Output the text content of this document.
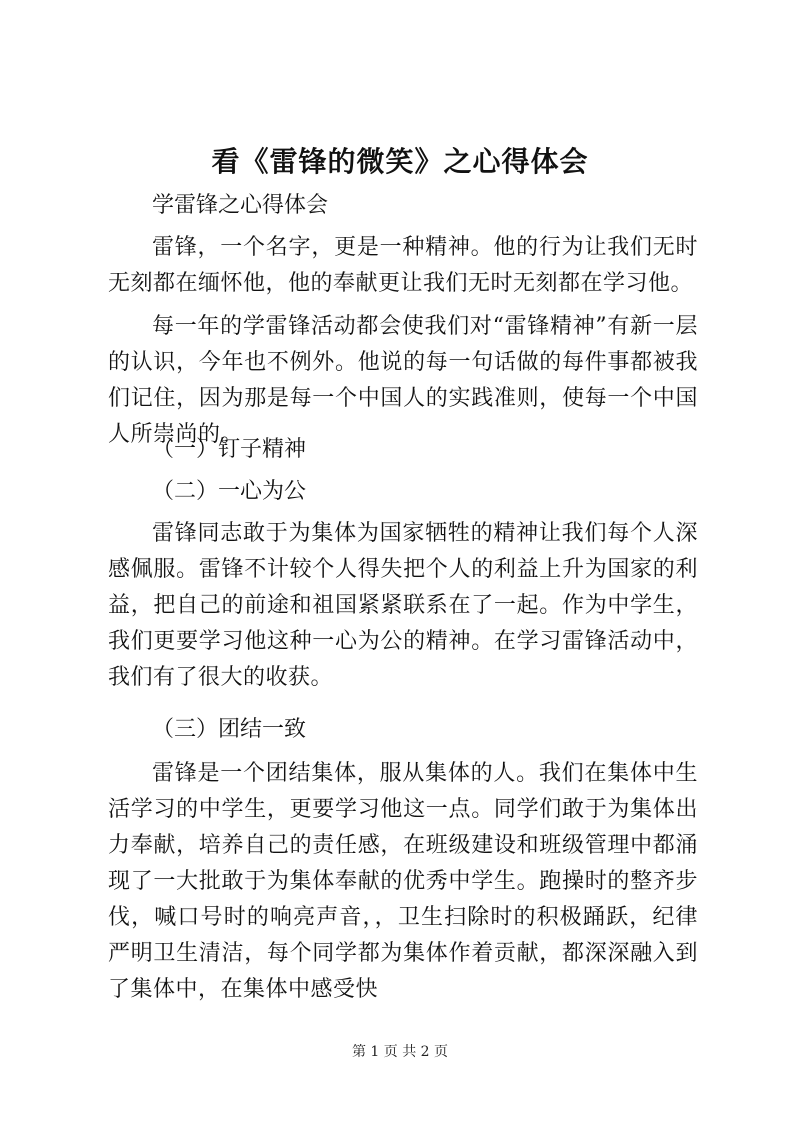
看《雷锋的微笑》之心得体会
学雷锋之心得体会
雷锋，一个名字，更是一种精神。他的行为让我们无时无刻都在缅怀他，他的奉献更让我们无时无刻都在学习他。
每一年的学雷锋活动都会使我们对“雷锋精神”有新一层的认识，今年也不例外。他说的每一句话做的每件事都被我们记住，因为那是每一个中国人的实践准则，使每一个中国人所崇尚的。
（一）钉子精神
（二）一心为公
雷锋同志敢于为集体为国家牺牲的精神让我们每个人深感佩服。雷锋不计较个人得失把个人的利益上升为国家的利益，把自己的前途和祖国紧紧联系在了一起。作为中学生，我们更要学习他这种一心为公的精神。在学习雷锋活动中，我们有了很大的收获。
（三）团结一致
雷锋是一个团结集体，服从集体的人。我们在集体中生活学习的中学生，更要学习他这一点。同学们敢于为集体出力奉献，培养自己的责任感，在班级建设和班级管理中都涌现了一大批敢于为集体奉献的优秀中学生。跑操时的整齐步伐，喊口号时的响亮声音，，卫生扫除时的积极踊跃，纪律严明卫生清洁，每个同学都为集体作着贡献，都深深融入到了集体中，在集体中感受快
第 1 页 共 2 页
